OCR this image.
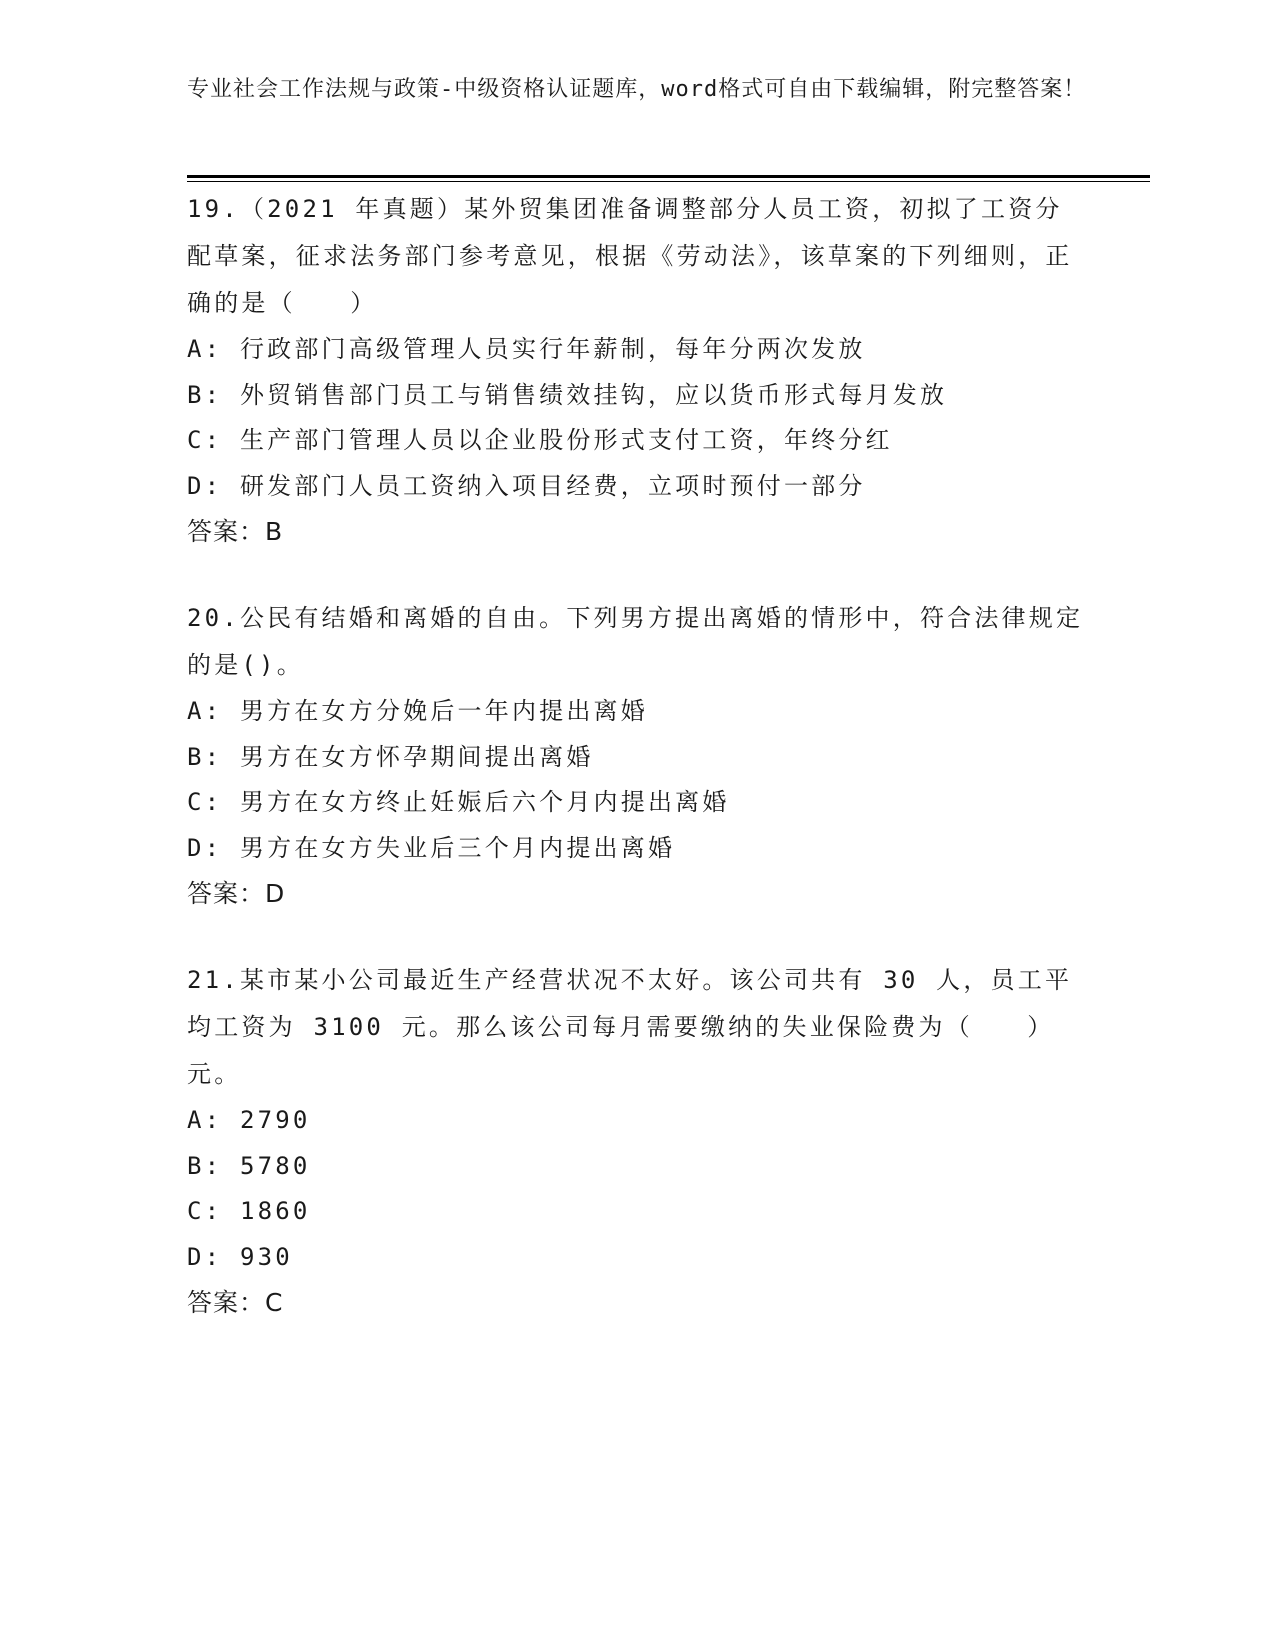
专业社会工作法规与政策-中级资格认证题库，word格式可自由下载编辑，附完整答案！

19.（2021 年真题）某外贸集团准备调整部分人员工资，初拟了工资分配草案，征求法务部门参考意见，根据《劳动法》，该草案的下列细则，正确的是（　　）

A: 行政部门高级管理人员实行年薪制，每年分两次发放

B: 外贸销售部门员工与销售绩效挂钩，应以货币形式每月发放

C: 生产部门管理人员以企业股份形式支付工资，年终分红

D: 研发部门人员工资纳入项目经费，立项时预付一部分

答案：B

20.公民有结婚和离婚的自由。下列男方提出离婚的情形中，符合法律规定的是()。

A: 男方在女方分娩后一年内提出离婚

B: 男方在女方怀孕期间提出离婚

C: 男方在女方终止妊娠后六个月内提出离婚

D: 男方在女方失业后三个月内提出离婚

答案：D

21.某市某小公司最近生产经营状况不太好。该公司共有 30 人，员工平均工资为 3100 元。那么该公司每月需要缴纳的失业保险费为（　　）元。

A: 2790

B: 5780

C: 1860

D: 930

答案：C
